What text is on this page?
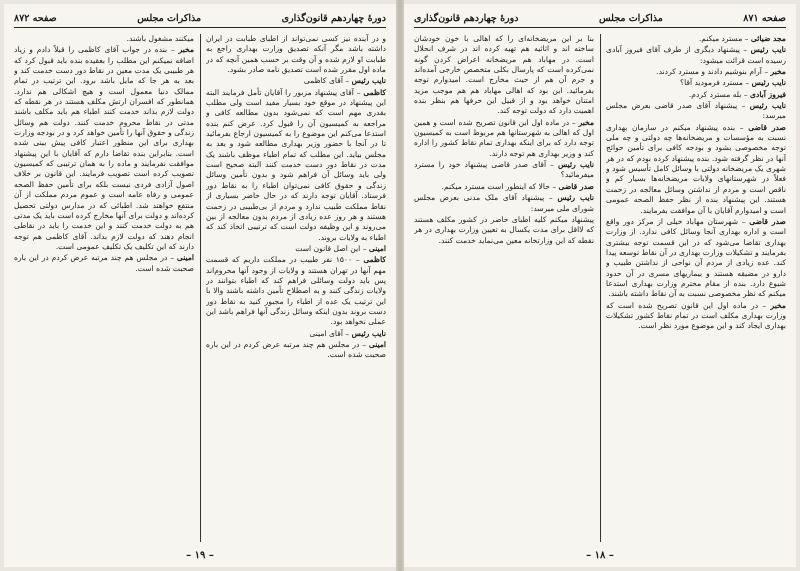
دورهٔ چهاردهم قانون‌گذاری
مذاکرات مجلس
صفحه ۸۷۲

و در آینده نیز کسی نمی‌تواند از اطبای طبابت در ایران داشته باشد مگر آنکه تصدیق وزارت بهداری راجع به طبابت او لازم شده و آن وقت بر حسب همین آنچه که در ماده اول مقرر شده است تصدیق نامه صادر بشود.

نایب رئیس – آقای کاظمی

کاظمی – آقای پیشنهاد مزبور را آقایان تأمل فرمایند البته این پیشنهاد در موقع خود بسیار مفید است ولی مطلب بقدری مهم است که نمی‌شود بدون مطالعه کافی و مراجعه به کمیسیون آن را قبول کرد. عرض کنم بنده استدعا می‌کنم این موضوع را به کمیسیون ارجاع بفرمائید تا در آنجا با حضور وزیر بهداری مطالعه شود و بعد به مجلس بیاید. این مطلب که تمام اطباء موظف باشند یک مدت در نقاط دور دست خدمت کنند البته صحیح است ولی باید وسائل آن فراهم شود و بدون تأمین وسائل زندگی و حقوق کافی نمی‌توان اطباء را به نقاط دور فرستاد. آقایان توجه دارند که در حال حاضر بسیاری از نقاط مملکت طبیب ندارد و مردم از بی‌طبیبی در زحمت هستند و هر روز عده زیادی از مردم بدون معالجه از بین می‌روند و این وظیفه دولت است که ترتیبی اتخاذ کند که اطباء به ولایات بروند.

امینی – این اصل قانون است

کاظمی – ۱۵۰۰ نفر طبیب در مملکت داریم که قسمت مهم آنها در تهران هستند و ولایات از وجود آنها محروم‌اند پس باید دولت وسائلی فراهم کند که اطباء بتوانند در ولایات زندگی کنند و به اصطلاح تأمین داشته باشند والا با این ترتیب یک عده از اطباء را مجبور کنید به نقاط دور دست بروند بدون اینکه وسائل زندگی آنها فراهم باشد این عملی نخواهد بود.

نایب رئیس – آقای امینی

امینی – در مجلس هم چند مرتبه عرض کردم در این باره صحبت شده است.

میکنند مشغول باشند.

مخبر – بنده در جواب آقای کاظمی را قبلاً دادم و زیاد اضافه نمیکنم این مطلب را بعقیده بنده باید قبول کرد که هر طبیبی یک مدت معین در نقاط دور دست خدمت کند و بعد به هر جا که مایل باشد برود. این ترتیب در تمام ممالک دنیا معمول است و هیچ اشکالی هم ندارد. همانطور که افسران ارتش مکلف هستند در هر نقطه که دولت لازم بداند خدمت کنند اطباء هم باید مکلف باشند مدتی در نقاط محروم خدمت کنند. دولت هم وسائل زندگی و حقوق آنها را تأمین خواهد کرد و در بودجه وزارت بهداری برای این منظور اعتبار کافی پیش بینی شده است. بنابراین بنده تقاضا دارم که آقایان با این پیشنهاد موافقت نفرمایند و ماده را به همان ترتیبی که کمیسیون تصویب کرده است تصویب فرمایند. این قانون بر خلاف اصول آزادی فردی نیست بلکه برای تأمین حفظ الصحه عمومی و رفاه عامه است و عموم مردم مملکت از آن منتفع خواهند شد. اطبائی که در مدارس دولتی تحصیل کرده‌اند و دولت برای آنها مخارج کرده است باید یک مدتی هم به دولت خدمت کنند و این خدمت را باید در نقاطی انجام دهند که دولت لازم بداند. آقای کاظمی هم توجه دارند که این تکلیف یک تکلیف عمومی است.

امینی – در مجلس هم چند مرتبه عرض کردم در این باره صحبت شده است.

– ۱۹ –
صفحه ۸۷۱
مذاکرات مجلس
دورهٔ چهاردهم قانون‌گذاری

مجد ضیائی – مسترد میکنم.

نایب رئیس – پیشنهاد دیگری از طرف آقای فیروز آبادی رسیده است قرائت میشود:

مخبر – آرام بنوشیم دادند و مسترد کردند.

نایب رئیس – مسترد فرمودید آقا؟

فیروز آبادی – بله مسترد کردم.

نایب رئیس – پیشنهاد آقای صدر قاضی بعرض مجلس میرسد:

صدر قاضی – بنده پیشنهاد میکنم در سازمان بهداری نسبت به مؤسسات و مریضخانه‌ها چه دولتی و چه ملی توجه مخصوصی بشود و بودجه کافی برای تأمین حوائج آنها در نظر گرفته شود. بنده پیشنهاد کرده بودم که در هر شهری یک مریضخانه دولتی با وسائل کامل تأسیس شود و فعلاً در شهرستانهای ولایات مریضخانه‌ها بسیار کم و ناقص است و مردم از نداشتن وسائل معالجه در زحمت هستند. این پیشنهاد بنده از نظر حفظ الصحه عمومی است و امیدوارم آقایان با آن موافقت بفرمایند.

صدر قاضی – شهرستان مهاباد خیلی از مرکز دور واقع است و اداره بهداری آنجا وسائل کافی ندارد. از وزارت بهداری تقاضا می‌شود که در این قسمت توجه بیشتری بفرمایند و تشکیلات وزارت بهداری در آن نقاط توسعه پیدا کند. عده زیادی از مردم آن نواحی از نداشتن طبیب و دارو در مضیقه هستند و بیماریهای مسری در آن حدود شیوع دارد. بنده از مقام محترم وزارت بهداری استدعا میکنم که نظر مخصوصی نسبت به آن نقاط داشته باشند.

مخبر – در ماده اول این قانون تصریح شده است که وزارت بهداری مکلف است در تمام نقاط کشور تشکیلات بهداری ایجاد کند و این موضوع مورد نظر است.

بنا بر این مریضخانه‌ای را که اهالی با خون خودشان ساخته اند و اثاثیه هم تهیه کرده اند در شرف انحلال است. در مهاباد هم مریضخانه اعراض کردن گونه نمی‌کرده است که پارسال بکلی متخصص خارجی آمده‌اند و جرم آن هم از حیث مخارج است. امیدوارم توجه بفرمائید. این بود که اهالی مهاباد هم هم موجب مزید امتنان خواهد بود و از قبیل این حرفها هم بنظر بنده اهمیت دارد که دولت توجه کند.

مخبر – در ماده اول این قانون تصریح شده است و همین اول که اهالی به شهرستانها هم مربوط است به کمیسیون توجه دارد که برای اینکه بهداری تمام نقاط کشور را اداره کند و وزیر بهداری هم توجه دارند.

نایب رئیس – آقای صدر قاضی پیشنهاد خود را مسترد میفرمائید؟

صدر قاضی – حالا که اینطور است مسترد میکنم.

نایب رئیس – پیشنهاد آقای ملک مدنی بعرض مجلس شورای ملی میرسد:

پیشنهاد میکنم کلیه اطبای حاضر در کشور مکلف هستند که لااقل برای مدت یکسال به تعیین وزارت بهداری در هر نقطه که این وزارتخانه معین می‌نماید خدمت کنند.

– ۱۸ –
